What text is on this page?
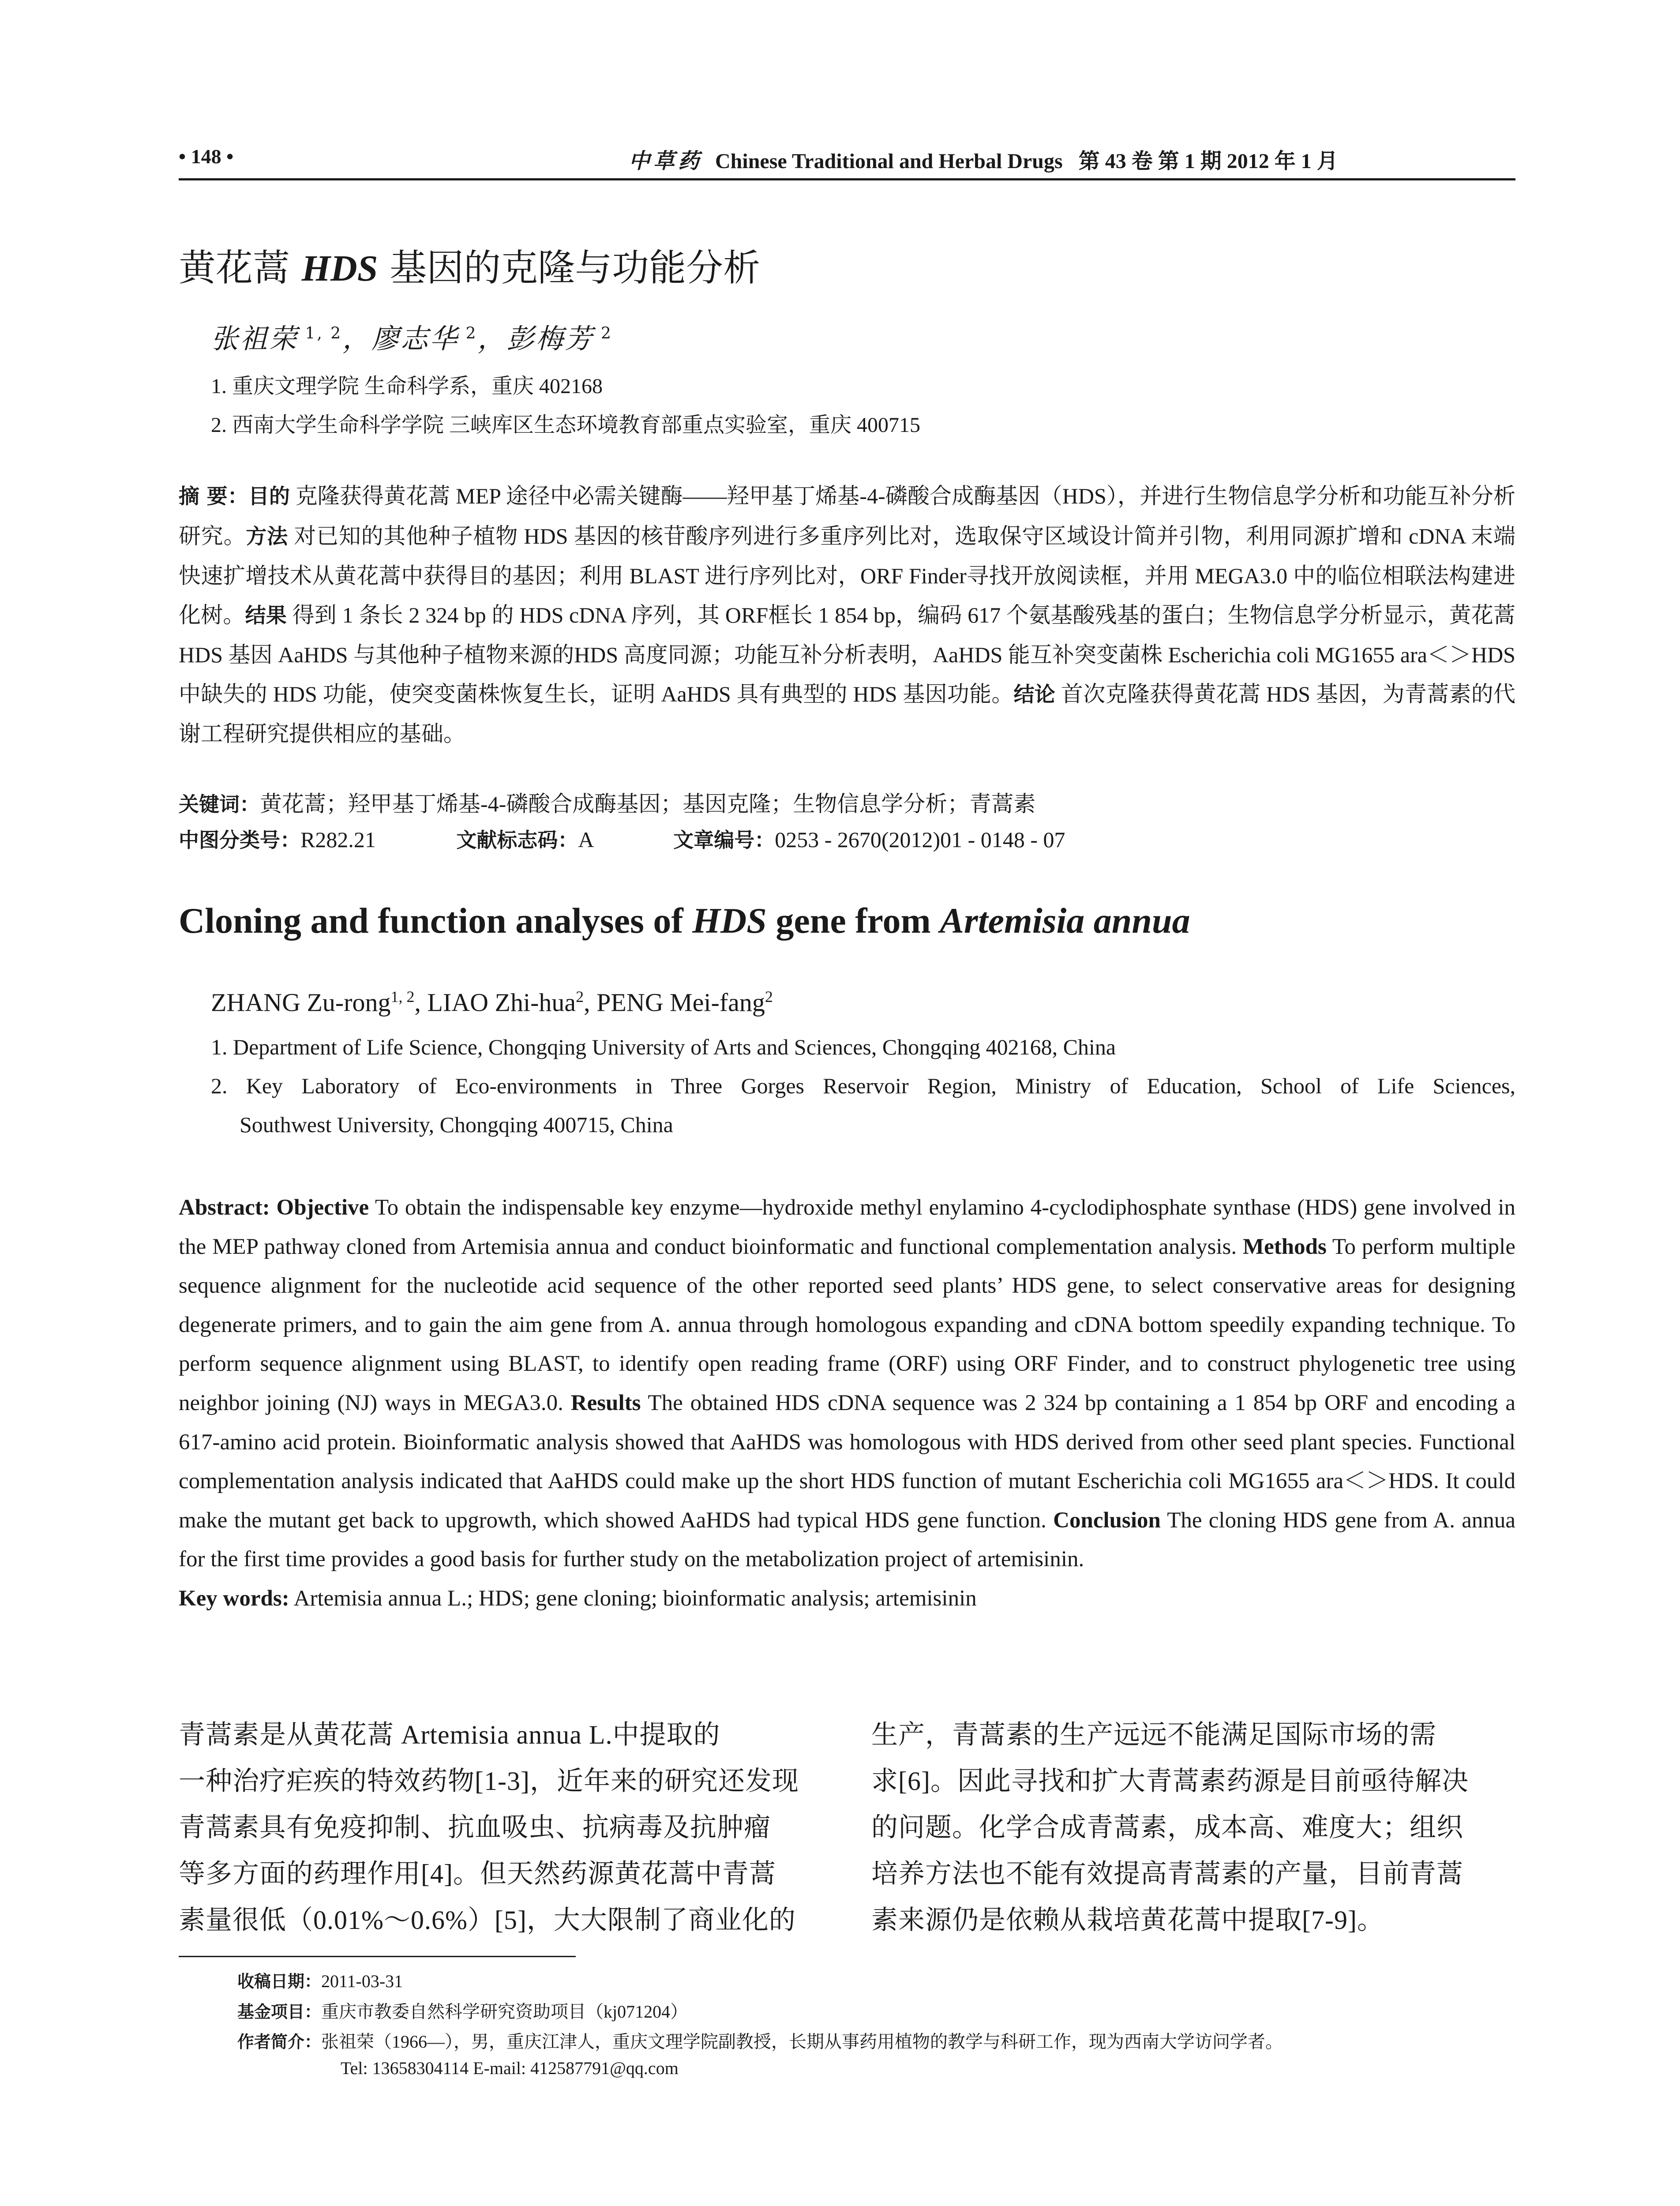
• 148 •	中草药 Chinese Traditional and Herbal Drugs 第 43 卷 第 1 期 2012 年 1 月
黄花蒿 HDS 基因的克隆与功能分析
张祖荣 $^{1, 2}$，廖志华 $^2$，彭梅芳 $^2$
1. 重庆文理学院 生命科学系，重庆 402168
2. 西南大学生命科学学院 三峡库区生态环境教育部重点实验室，重庆 400715
摘 要：目的 克隆获得黄花蒿 MEP 途径中必需关键酶——羟甲基丁烯基-4-磷酸合成酶基因（HDS），并进行生物信息学分析和功能互补分析研究。方法 对已知的其他种子植物 HDS 基因的核苷酸序列进行多重序列比对，选取保守区域设计简并引物，利用同源扩增和 cDNA 末端快速扩增技术从黄花蒿中获得目的基因；利用 BLAST 进行序列比对，ORF Finder寻找开放阅读框，并用 MEGA3.0 中的临位相联法构建进化树。结果 得到 1 条长 2 324 bp 的 HDS cDNA 序列，其 ORF框长 1 854 bp，编码 617 个氨基酸残基的蛋白；生物信息学分析显示，黄花蒿 HDS 基因 AaHDS 与其他种子植物来源的HDS 高度同源；功能互补分析表明，AaHDS 能互补突变菌株 Escherichia coli MG1655 ara＜＞HDS 中缺失的 HDS 功能，使突变菌株恢复生长，证明 AaHDS 具有典型的 HDS 基因功能。结论 首次克隆获得黄花蒿 HDS 基因，为青蒿素的代谢工程研究提供相应的基础。
关键词：黄花蒿；羟甲基丁烯基-4-磷酸合成酶基因；基因克隆；生物信息学分析；青蒿素
中图分类号：R282.21	文献标志码：A	文章编号：0253 - 2670(2012)01 - 0148 - 07
Cloning and function analyses of HDS gene from Artemisia annua
ZHANG Zu-rong$^{1, 2}$, LIAO Zhi-hua$^2$, PENG Mei-fang$^2$
1. Department of Life Science, Chongqing University of Arts and Sciences, Chongqing 402168, China
2. Key Laboratory of Eco-environments in Three Gorges Reservoir Region, Ministry of Education, School of Life Sciences,
Southwest University, Chongqing 400715, China
Abstract: Objective To obtain the indispensable key enzyme—hydroxide methyl enylamino 4-cyclodiphosphate synthase (HDS) gene involved in the MEP pathway cloned from Artemisia annua and conduct bioinformatic and functional complementation analysis. Methods To perform multiple sequence alignment for the nucleotide acid sequence of the other reported seed plants’ HDS gene, to select conservative areas for designing degenerate primers, and to gain the aim gene from A. annua through homologous expanding and cDNA bottom speedily expanding technique. To perform sequence alignment using BLAST, to identify open reading frame (ORF) using ORF Finder, and to construct phylogenetic tree using neighbor joining (NJ) ways in MEGA3.0. Results The obtained HDS cDNA sequence was 2 324 bp containing a 1 854 bp ORF and encoding a 617-amino acid protein. Bioinformatic analysis showed that AaHDS was homologous with HDS derived from other seed plant species. Functional complementation analysis indicated that AaHDS could make up the short HDS function of mutant Escherichia coli MG1655 ara＜＞HDS. It could make the mutant get back to upgrowth, which showed AaHDS had typical HDS gene function. Conclusion The cloning HDS gene from A. annua for the first time provides a good basis for further study on the metabolization project of artemisinin.
Key words: Artemisia annua L.; HDS; gene cloning; bioinformatic analysis; artemisinin
青蒿素是从黄花蒿 Artemisia annua L.中提取的
一种治疗疟疾的特效药物[1-3]，近年来的研究还发现
青蒿素具有免疫抑制、抗血吸虫、抗病毒及抗肿瘤
等多方面的药理作用[4]。但天然药源黄花蒿中青蒿
素量很低（0.01%～0.6%）[5]，大大限制了商业化的
生产，青蒿素的生产远远不能满足国际市场的需
求[6]。因此寻找和扩大青蒿素药源是目前亟待解决
的问题。化学合成青蒿素，成本高、难度大；组织
培养方法也不能有效提高青蒿素的产量，目前青蒿
素来源仍是依赖从栽培黄花蒿中提取[7-9]。
收稿日期：2011-03-31
基金项目：重庆市教委自然科学研究资助项目（kj071204）
作者简介：张祖荣（1966—），男，重庆江津人，重庆文理学院副教授，长期从事药用植物的教学与科研工作，现为西南大学访问学者。
Tel: 13658304114 E-mail: 412587791@qq.com
